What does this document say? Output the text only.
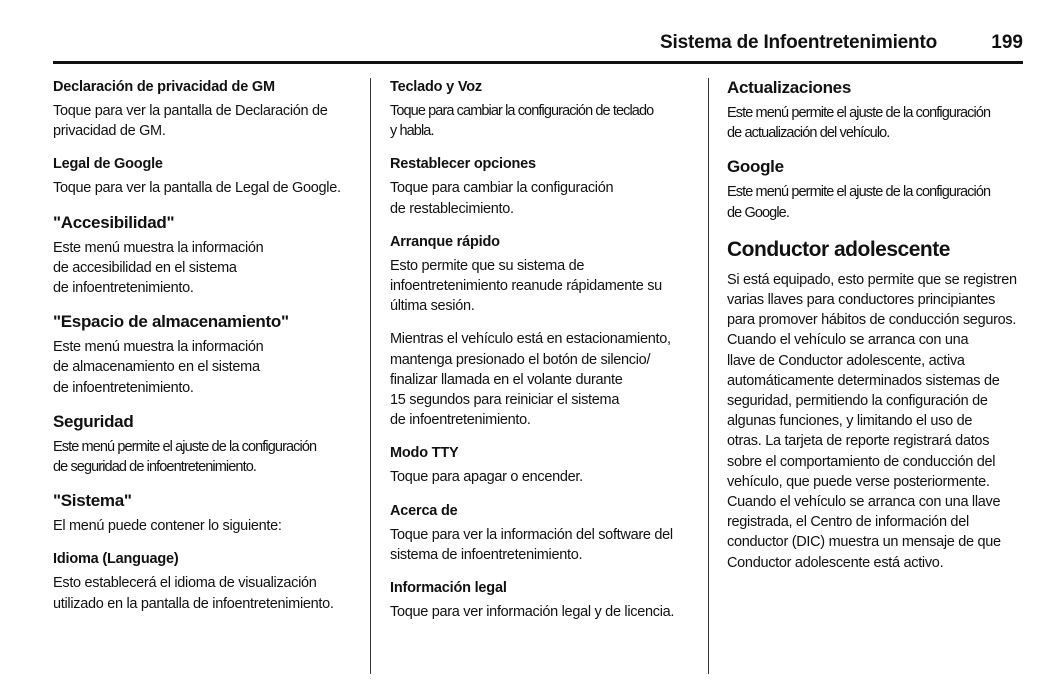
Sistema de Infoentretenimiento	199
Declaración de privacidad de GM

Toque para ver la pantalla de Declaración de
privacidad de GM.

Legal de Google

Toque para ver la pantalla de Legal de Google.

"Accesibilidad"

Este menú muestra la información
de accesibilidad en el sistema
de infoentretenimiento.

"Espacio de almacenamiento"

Este menú muestra la información
de almacenamiento en el sistema
de infoentretenimiento.

Seguridad

Este menú permite el ajuste de la configuración
de seguridad de infoentretenimiento.

"Sistema"

El menú puede contener lo siguiente:

Idioma (Language)

Esto establecerá el idioma de visualización
utilizado en la pantalla de infoentretenimiento.

Teclado y Voz

Toque para cambiar la configuración de teclado
y habla.

Restablecer opciones

Toque para cambiar la configuración
de restablecimiento.

Arranque rápido

Esto permite que su sistema de
infoentretenimiento reanude rápidamente su
última sesión.

Mientras el vehículo está en estacionamiento,
mantenga presionado el botón de silencio/
finalizar llamada en el volante durante
15 segundos para reiniciar el sistema
de infoentretenimiento.

Modo TTY

Toque para apagar o encender.

Acerca de

Toque para ver la información del software del
sistema de infoentretenimiento.

Información legal

Toque para ver información legal y de licencia.

Actualizaciones

Este menú permite el ajuste de la configuración
de actualización del vehículo.

Google

Este menú permite el ajuste de la configuración
de Google.

Conductor adolescente

Si está equipado, esto permite que se registren
varias llaves para conductores principiantes
para promover hábitos de conducción seguros.
Cuando el vehículo se arranca con una
llave de Conductor adolescente, activa
automáticamente determinados sistemas de
seguridad, permitiendo la configuración de
algunas funciones, y limitando el uso de
otras. La tarjeta de reporte registrará datos
sobre el comportamiento de conducción del
vehículo, que puede verse posteriormente.
Cuando el vehículo se arranca con una llave
registrada, el Centro de información del
conductor (DIC) muestra un mensaje de que
Conductor adolescente está activo.
